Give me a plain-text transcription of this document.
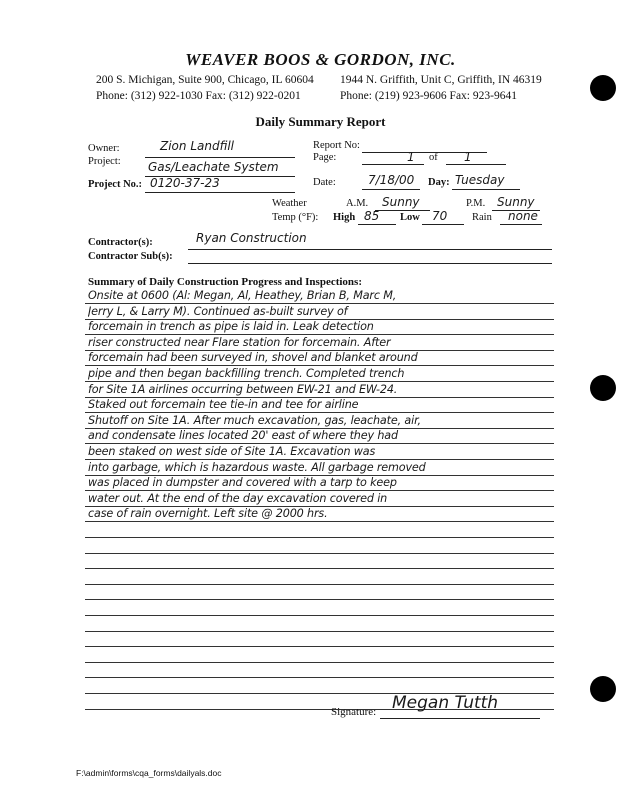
WEAVER BOOS & GORDON, INC.
200 S. Michigan, Suite 900, Chicago, IL 60604 1944 N. Griffith, Unit C, Griffith, IN 46319
Phone: (312) 922-1030 Fax: (312) 922-0201	Phone: (219) 923-9606 Fax: 923-9641
Daily Summary Report
Owner:	Zion Landfill
Project: Gas/Leachate System
Project No.: 0120-37-23
Report No:
Page:	1 of 1
Date:	7/18/00 Day: Tuesday
Weather	A.M. Sunny	P.M. Sunny
Temp (°F): High 85 Low 70 Rain none
Contractor(s):	Ryan Construction
Contractor Sub(s):
Summary of Daily Construction Progress and Inspections:
Onsite at 0600 (Al: Megan, Al, Heathey, Brian B, Marc M,
Jerry L, & Larry M). Continued as-built survey of
forcemain in trench as pipe is laid in. Leak detection
riser constructed near Flare station for forcemain. After
forcemain had been surveyed in, shovel and blanket around
pipe and then began backfilling trench. Completed trench
for Site 1A airlines occurring between EW-21 and EW-24.
Staked out forcemain tee tie-in and tee for airline
Shutoff on Site 1A. After much excavation, gas, leachate, air,
and condensate lines located 20' east of where they had
been staked on west side of Site 1A. Excavation was
into garbage, which is hazardous waste. All garbage removed
was placed in dumpster and covered with a tarp to keep
water out. At the end of the day excavation covered in
case of rain overnight. Left site @ 2000 hrs.
Signature: Megan Tutth
F:\admin\forms\cqa_forms\dailyals.doc
